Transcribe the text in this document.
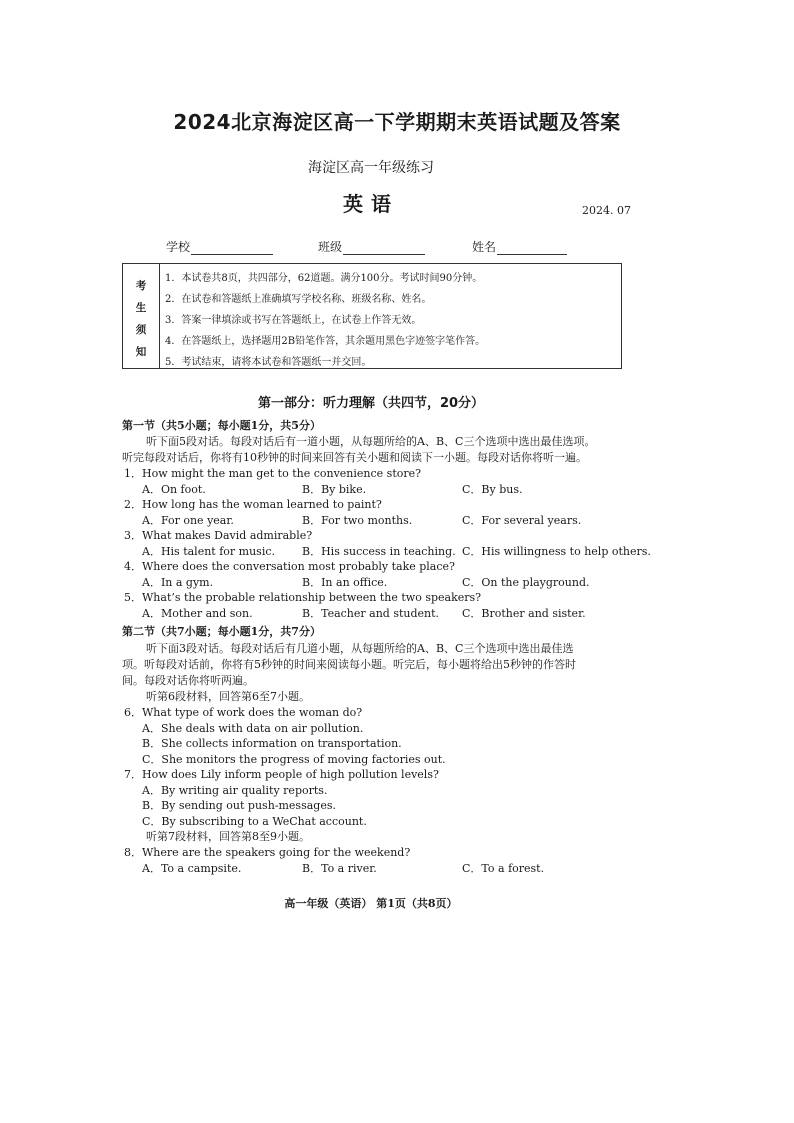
2024北京海淀区高一下学期期末英语试题及答案
海淀区高一年级练习
英语	2024. 07
学校	班级	姓名
考
生
须
知
1．本试卷共8页，共四部分，62道题。满分100分。考试时间90分钟。
2．在试卷和答题纸上准确填写学校名称、班级名称、姓名。
3．答案一律填涂或书写在答题纸上，在试卷上作答无效。
4．在答题纸上，选择题用2B铅笔作答，其余题用黑色字迹签字笔作答。
5．考试结束，请将本试卷和答题纸一并交回。
第一部分：听力理解（共四节，20分）
第一节（共5小题；每小题1分，共5分）
听下面5段对话。每段对话后有一道小题，从每题所给的A、B、C三个选项中选出最佳选项。
听完每段对话后，你将有10秒钟的时间来回答有关小题和阅读下一小题。每段对话你将听一遍。
1．How might the man get to the convenience store?
A．On foot.	B．By bike.	C．By bus.
2．How long has the woman learned to paint?
A．For one year.	B．For two months.	C．For several years.
3．What makes David admirable?
A．His talent for music. B．His success in teaching. C．His willingness to help others.
4．Where does the conversation most probably take place?
A．In a gym.	B．In an office.	C．On the playground.
5．What’s the probable relationship between the two speakers?
A．Mother and son.	B．Teacher and student. C．Brother and sister.
第二节（共7小题；每小题1分，共7分）
听下面3段对话。每段对话后有几道小题，从每题所给的A、B、C三个选项中选出最佳选
项。听每段对话前，你将有5秒钟的时间来阅读每小题。听完后，每小题将给出5秒钟的作答时
间。每段对话你将听两遍。
听第6段材料，回答第6至7小题。
6．What type of work does the woman do?
A．She deals with data on air pollution.
B．She collects information on transportation.
C．She monitors the progress of moving factories out.
7．How does Lily inform people of high pollution levels?
A．By writing air quality reports.
B．By sending out push-messages.
C．By subscribing to a WeChat account.
听第7段材料，回答第8至9小题。
8．Where are the speakers going for the weekend?
A．To a campsite.	B．To a river.	C．To a forest.
高一年级（英语） 第1页（共8页）
